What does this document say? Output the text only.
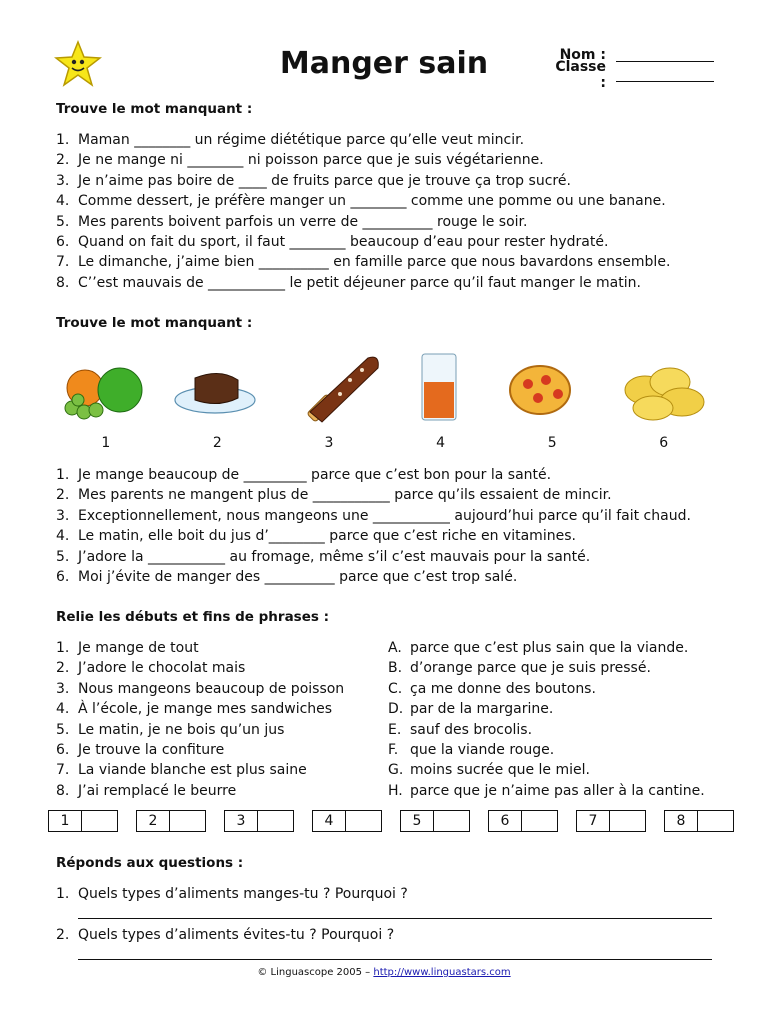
Manger sain	Nom :
Classe :
Trouve le mot manquant :
1. Maman ________ un régime diététique parce qu’elle veut mincir.
2. Je ne mange ni ________ ni poisson parce que je suis végétarienne.
3. Je n’aime pas boire de ____ de fruits parce que je trouve ça trop sucré.
4. Comme dessert, je préfère manger un ________ comme une pomme ou une banane.
5. Mes parents boivent parfois un verre de __________ rouge le soir.
6. Quand on fait du sport, il faut ________ beaucoup d’eau pour rester hydraté.
7. Le dimanche, j’aime bien __________ en famille parce que nous bavardons ensemble.
8. C’’est mauvais de ___________ le petit déjeuner parce qu’il faut manger le matin.
Trouve le mot manquant :
1	2	3	4	5	6
1. Je mange beaucoup de _________ parce que c’est bon pour la santé.
2. Mes parents ne mangent plus de ___________ parce qu’ils essaient de mincir.
3. Exceptionnellement, nous mangeons une ___________ aujourd’hui parce qu’il fait chaud.
4. Le matin, elle boit du jus d’________ parce que c’est riche en vitamines.
5. J’adore la ___________ au fromage, même s’il c’est mauvais pour la santé.
6. Moi j’évite de manger des __________ parce que c’est trop salé.
Relie les débuts et fins de phrases :
1. Je mange de tout
2. J’adore le chocolat mais
3. Nous mangeons beaucoup de poisson
4. À l’école, je mange mes sandwiches
5. Le matin, je ne bois qu’un jus
6. Je trouve la confiture
7. La viande blanche est plus saine
8. J’ai remplacé le beurre
A. parce que c’est plus sain que la viande.
B. d’orange parce que je suis pressé.
C. ça me donne des boutons.
D. par de la margarine.
E. sauf des brocolis.
F. que la viande rouge.
G. moins sucrée que le miel.
H. parce que je n’aime pas aller à la cantine.
1	2	3	4	5	6	7	8
Réponds aux questions :
1. Quels types d’aliments manges-tu ? Pourquoi ?
2. Quels types d’aliments évites-tu ? Pourquoi ?
© Linguascope 2005 – http://www.linguastars.com
